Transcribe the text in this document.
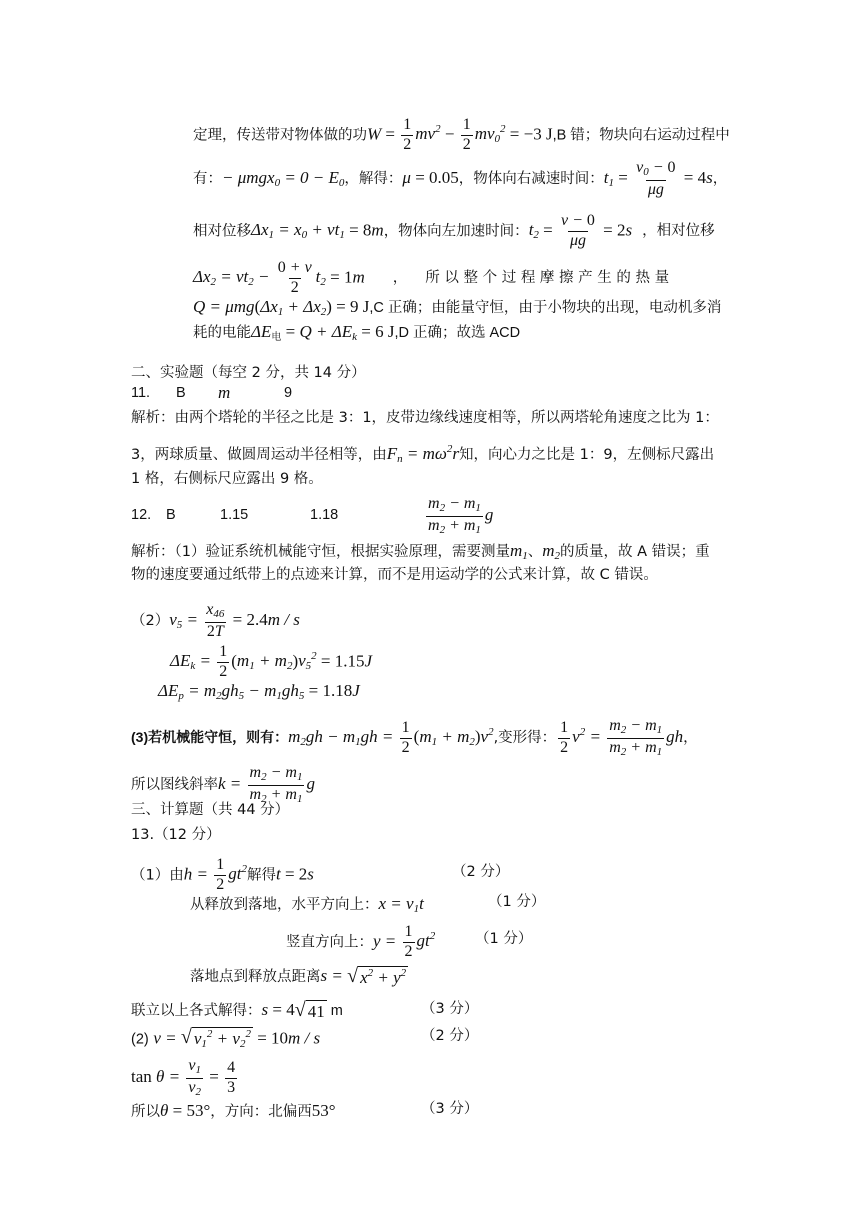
定理，传送带对物体做的功$W = \frac{1}{2} mv^2 - \frac{1}{2} mv_0^2 = -3$ J,B 错；物块向右运动过程中
有：− $\mu mgx_0 = 0 - E_0$，解得：μ = 0.05，物体向右减速时间：$t_1 = \frac{v_0 - 0}{\mu g} = 4s$，
相对位移$\Delta x_1 = x_0 + vt_1 = 8m$，物体向左加速时间：$t_2 = \frac{v - 0}{\mu g} = 2s$ ，相对位移
$\Delta x_2 = vt_2 - \frac{0 + v}{2} t_2 = 1m$ ， 所 以 整 个 过 程 摩 擦 产 生 的 热 量
$Q = \mu mg(\Delta x_1 + \Delta x_2) = 9$ J,C 正确；由能量守恒，由于小物块的出现，电动机多消
耗的电能$\Delta E_电 = Q + \Delta E_k = 6$ J,D 正确；故选 ACD
二、实验题（每空 2 分，共 14 分）
11. B m	9
解析：由两个塔轮的半径之比是 3：1，皮带边缘线速度相等，所以两塔轮角速度之比为 1：
3，两球质量、做圆周运动半径相等，由$F_n = m\omega^2r$知，向心力之比是 1：9，左侧标尺露出
1 格，右侧标尺应露出 9 格。
12. B	1.15	1.18	$\frac{m_2 - m_1}{m_2 + m_1}$ g
解析：（1）验证系统机械能守恒，根据实验原理，需要测量$m_1$、$m_2$的质量，故 A 错误；重
物的速度要通过纸带上的点迹来计算，而不是用运动学的公式来计算，故 C 错误。
$(2)v_5 = \frac{x_{46}}{2T} = 2.4m / s$
$\Delta E_k = \frac{1}{2} (m_1 + m_2)v_5^2 = 1.15J$
$\Delta E_p = m_2gh_5 - m_1gh_5 = 1.18J$
(3)若机械能守恒，则有：$m_2gh - m_1gh = \frac{1}{2} (m_1 + m_2)v^2$,变形得： $\frac{1}{2} v^2 = \frac{m_2 - m_1}{m_2 + m_1}$ gh，
所以图线斜率$k = \frac{m_2 - m_1}{m_2 + m_1}$ g
三、计算题（共 44 分）
13.（12 分）
（1）由$h = \frac{1}{2} gt^2$解得t = 2s	（2 分）
从释放到落地，水平方向上：$x = v_1t$	（1 分）
竖直方向上：$y = \frac{1}{2} gt^2$	（1 分）
落地点到释放点距离s = √ $x^2 + y^2$
联立以上各式解得：s = 4 √ 41 m	（3 分）
(2) v = √ $v_1^2 + v_2^2 = 10m / s$	（2 分）
$\tan \theta = \frac{v_1}{v_2} = \frac{4}{3}$
所以θ = 53°，方向：北偏西53°	（3 分）
